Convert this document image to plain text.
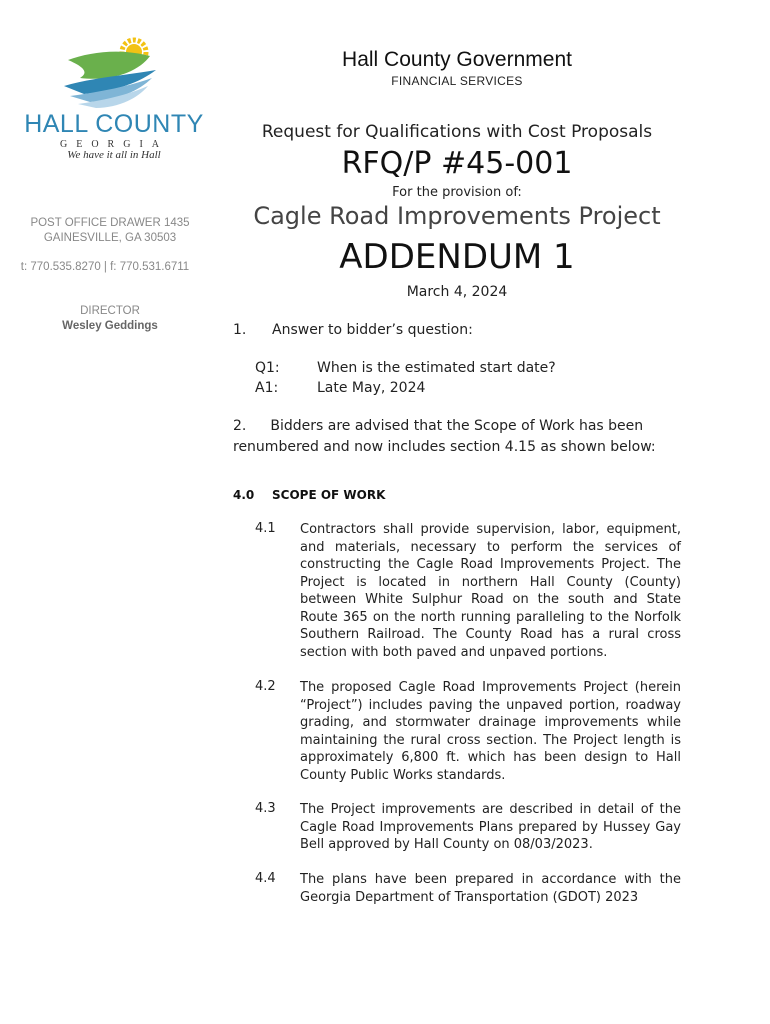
HALL COUNTY
GEORGIA
We have it all in Hall
POST OFFICE DRAWER 1435
GAINESVILLE, GA 30503
t: 770.535.8270 | f: 770.531.6711
DIRECTOR
Wesley Geddings
Hall County Government
FINANCIAL SERVICES
Request for Qualifications with Cost Proposals
RFQ/P #45-001
For the provision of:
Cagle Road Improvements Project
ADDENDUM 1
March 4, 2024
1. Answer to bidder’s question:
Q1:	When is the estimated start date?
A1:	Late May, 2024
2. Bidders are advised that the Scope of Work has been renumbered and now includes section 4.15 as shown below:
4.0 SCOPE OF WORK
4.1 Contractors shall provide supervision, labor, equipment, and materials, necessary to perform the services of constructing the Cagle Road Improvements Project. The Project is located in northern Hall County (County) between White Sulphur Road on the south and State Route 365 on the north running paralleling to the Norfolk Southern Railroad. The County Road has a rural cross section with both paved and unpaved portions.
4.2 The proposed Cagle Road Improvements Project (herein “Project”) includes paving the unpaved portion, roadway grading, and stormwater drainage improvements while maintaining the rural cross section. The Project length is approximately 6,800 ft. which has been design to Hall County Public Works standards.
4.3 The Project improvements are described in detail of the Cagle Road Improvements Plans prepared by Hussey Gay Bell approved by Hall County on 08/03/2023.
4.4 The plans have been prepared in accordance with the Georgia Department of Transportation (GDOT) 2023
